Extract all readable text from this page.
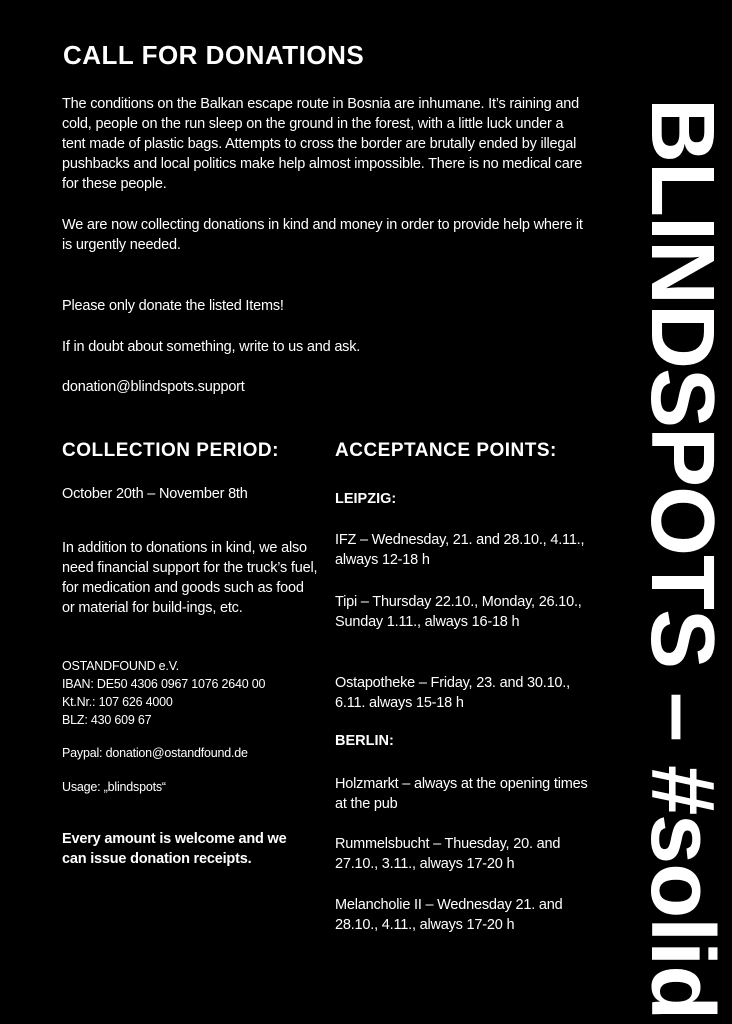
CALL FOR DONATIONS

The conditions on the Balkan escape route in Bosnia are inhumane. It’s raining and cold, people on the run sleep on the ground in the forest, with a little luck under a tent made of plastic bags. Attempts to cross the border are brutally ended by illegal pushbacks and local politics make help almost impossible. There is no medical care for these people.

We are now collecting donations in kind and money in order to provide help where it is urgently needed.

Please only donate the listed Items!

If in doubt about something, write to us and ask.

donation@blindspots.support

COLLECTION PERIOD:

October 20th – November 8th

In addition to donations in kind, we also need financial support for the truck’s fuel, for medication and goods such as food or material for build-ings, etc.

OSTANDFOUND e.V.

IBAN: DE50 4306 0967 1076 2640 00

Kt.Nr.: 107 626 4000

BLZ: 430 609 67

Paypal: donation@ostandfound.de

Usage: „blindspots“

Every amount is welcome and we can issue donation receipts.

ACCEPTANCE POINTS:

LEIPZIG:

IFZ – Wednesday, 21. and 28.10., 4.11., always 12-18 h

Tipi – Thursday 22.10., Monday, 26.10., Sunday 1.11., always 16-18 h

Ostapotheke – Friday, 23. and 30.10., 6.11. always 15-18 h

BERLIN:

Holzmarkt – always at the opening times at the pub

Rummelsbucht – Thuesday, 20. and 27.10., 3.11., always 17-20 h

Melancholie II – Wednesday 21. and 28.10., 4.11., always 17-20 h	BLINDSPOTS – #solid
